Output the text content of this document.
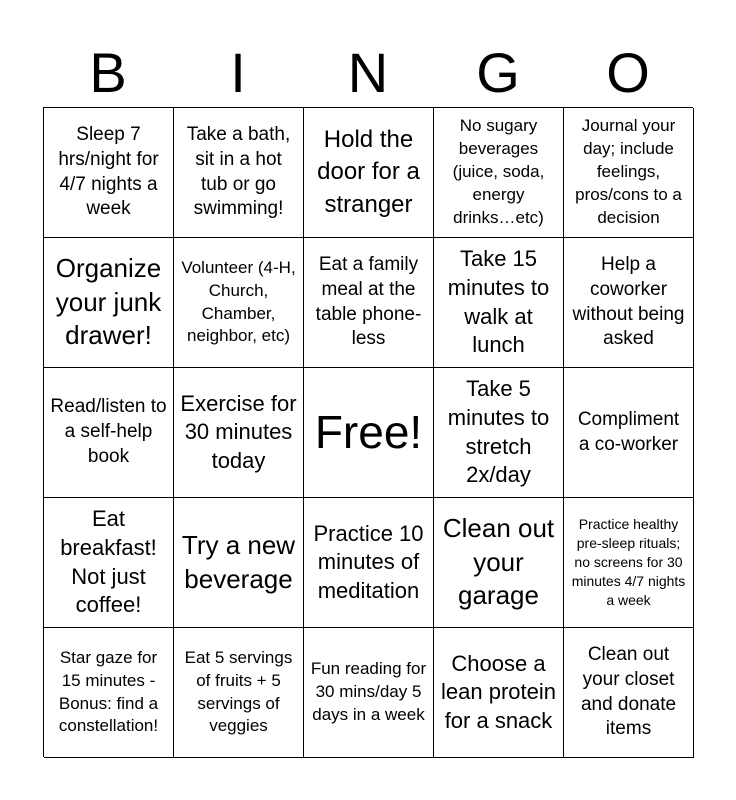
B	I	N	G	O
Sleep 7 hrs/night for 4/7 nights a week
Take a bath, sit in a hot tub or go swimming!
Hold the door for a stranger
No sugary beverages (juice, soda, energy drinks…etc)
Journal your day; include feelings, pros/cons to a decision
Organize your junk drawer!
Volunteer (4-H, Church, Chamber, neighbor, etc)
Eat a family meal at the table phone-less
Take 15 minutes to walk at lunch
Help a coworker without being asked
Read/listen to a self-help book
Exercise for 30 minutes today
Free!
Take 5 minutes to stretch 2x/day
Compliment a co-worker
Eat breakfast! Not just coffee!
Try a new beverage
Practice 10 minutes of meditation
Clean out your garage
Practice healthy pre-sleep rituals; no screens for 30 minutes 4/7 nights a week
Star gaze for 15 minutes - Bonus: find a constellation!
Eat 5 servings of fruits + 5 servings of veggies
Fun reading for 30 mins/day 5 days in a week
Choose a lean protein for a snack
Clean out your closet and donate items
